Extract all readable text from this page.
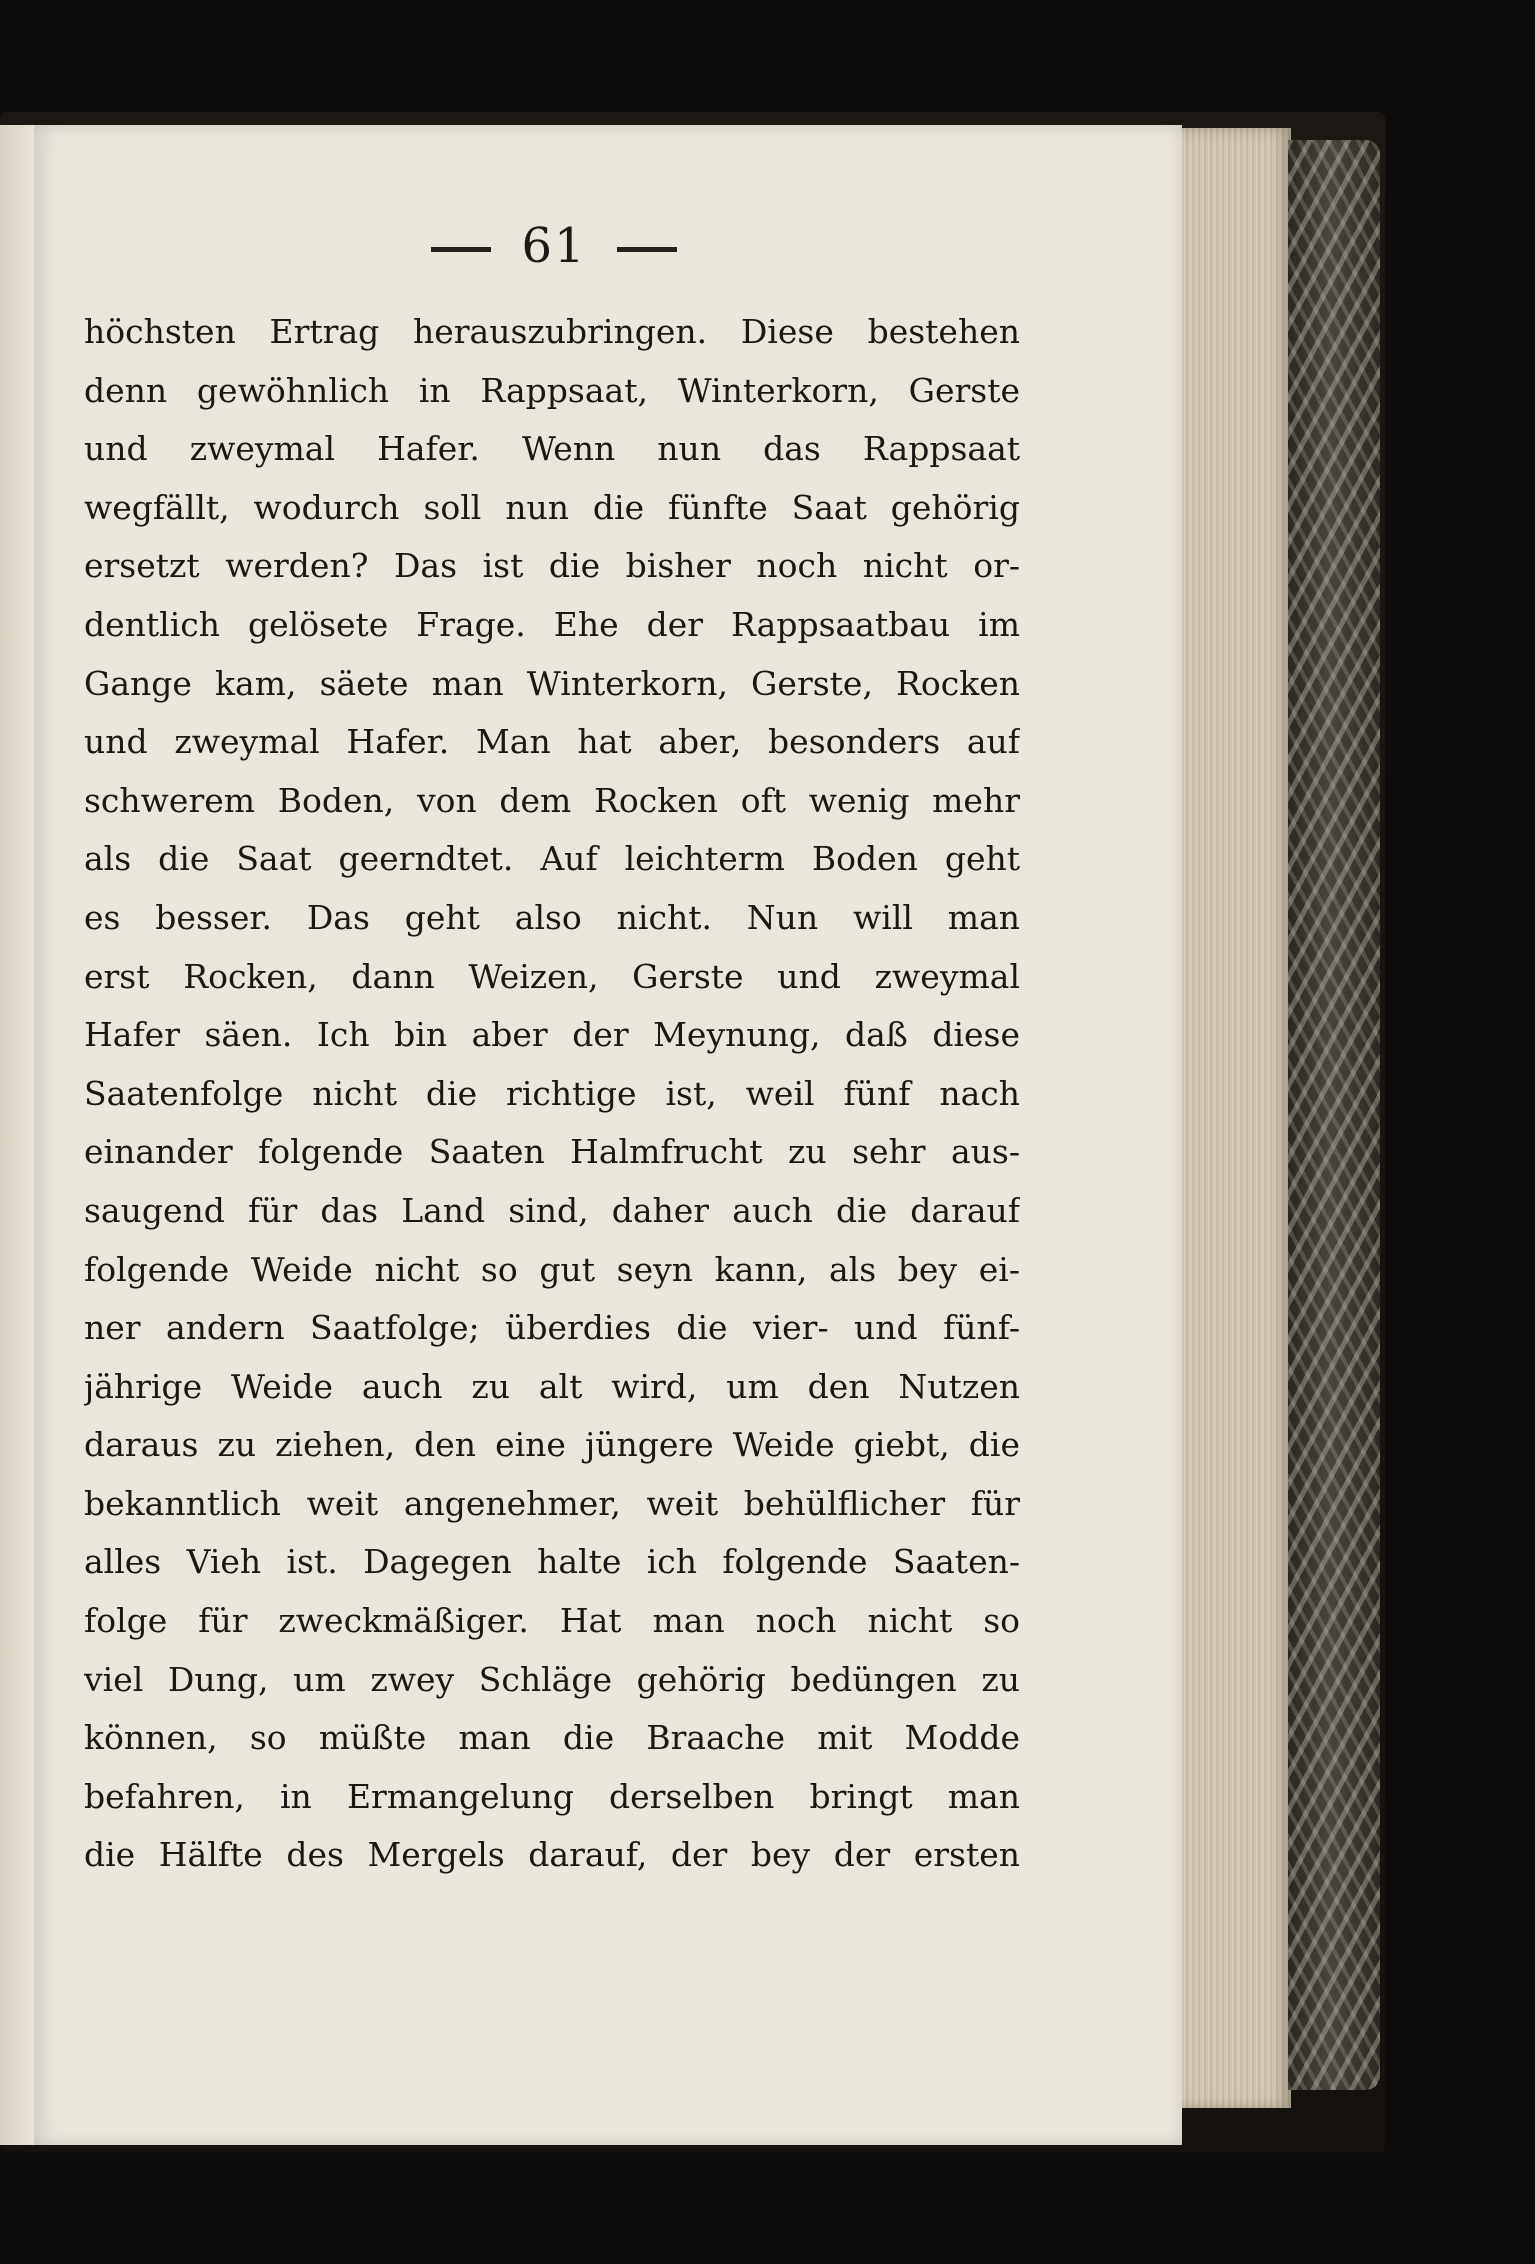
61
höchsten Ertrag herauszubringen. Diese bestehen
denn gewöhnlich in Rappsaat, Winterkorn, Gerste
und zweymal Hafer. Wenn nun das Rappsaat
wegfällt, wodurch soll nun die fünfte Saat gehörig
ersetzt werden? Das ist die bisher noch nicht or-
dentlich gelösete Frage. Ehe der Rappsaatbau im
Gange kam, säete man Winterkorn, Gerste, Rocken
und zweymal Hafer. Man hat aber, besonders auf
schwerem Boden, von dem Rocken oft wenig mehr
als die Saat geerndtet. Auf leichterm Boden geht
es besser. Das geht also nicht. Nun will man
erst Rocken, dann Weizen, Gerste und zweymal
Hafer säen. Ich bin aber der Meynung, daß diese
Saatenfolge nicht die richtige ist, weil fünf nach
einander folgende Saaten Halmfrucht zu sehr aus-
saugend für das Land sind, daher auch die darauf
folgende Weide nicht so gut seyn kann, als bey ei-
ner andern Saatfolge; überdies die vier- und fünf-
jährige Weide auch zu alt wird, um den Nutzen
daraus zu ziehen, den eine jüngere Weide giebt, die
bekanntlich weit angenehmer, weit behülflicher für
alles Vieh ist. Dagegen halte ich folgende Saaten-
folge für zweckmäßiger. Hat man noch nicht so
viel Dung, um zwey Schläge gehörig bedüngen zu
können, so müßte man die Braache mit Modde
befahren, in Ermangelung derselben bringt man
die Hälfte des Mergels darauf, der bey der ersten
